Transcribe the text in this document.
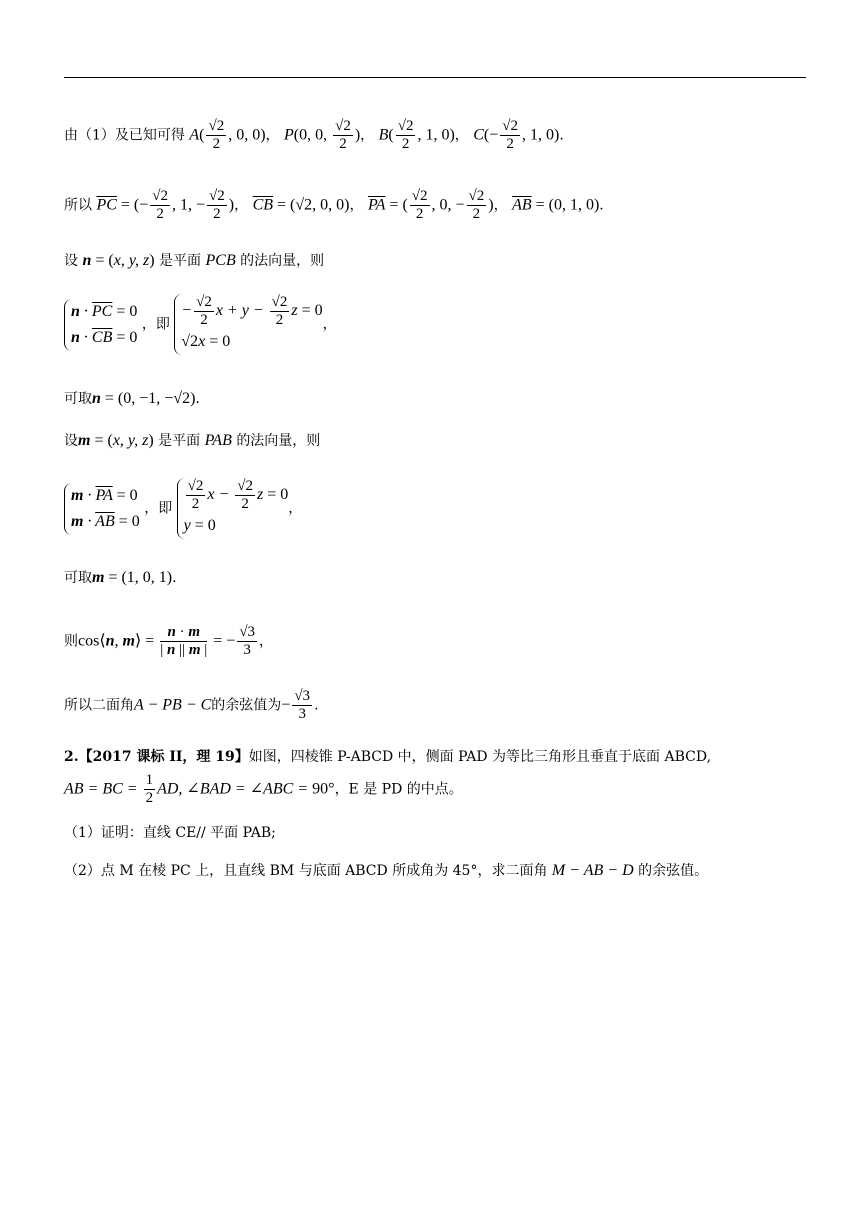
由（1）及已知可得 $A( \frac{√2}{2}$ , 0, 0)， P(0, 0, $\frac{√2}{2}$ )， $B( \frac{√2}{2}$ , 1, 0)， $C(- \frac{√2}{2}$ , 1, 0).
所以 $\overline{PC}$ = (− $\frac{√2}{2}$ , 1, − $\frac{√2}{2}$ )， $\overline{CB} = (√2$, 0, 0)， $\overline{PA}$ = ( $\frac{√2}{2}$ , 0, − $\frac{√2}{2}$ )， $\overline{AB} = (0$, 1, 0).
设 n = (x, y, z) 是平面 PCB 的法向量，则
$n \cdot \overline{PC} = 0$
$n \cdot \overline{CB} = 0$
，即
− $\frac{√2}{2}$ $x + y - \frac{√2}{2}$ z = 0
√2x = 0
，
可取n = (0, −1, −√2).
设m = (x, y, z) 是平面 PAB 的法向量，则
$m \cdot \overline{PA} = 0$
$m \cdot \overline{AB} = 0$
，即 $\frac{√2}{2}$ $x - \frac{√2}{2}$ z = 0
y = 0
，
可取m = (1, 0, 1).
则cos⟨n, m⟩ = $\frac{n \cdot m}{| n || m |}$ = − $\frac{√3}{3}$ ，
所以二面角A − PB − C的余弦值为− $\frac{√3}{3}$ .
2.【2017 课标 II，理 19】如图，四棱锥 P-ABCD 中，侧面 PAD 为等比三角形且垂直于底面 ABCD,
AB = BC = $\frac{1}{2}$ AD, ∠BAD = ∠ABC = 90°，E 是 PD 的中点。
（1）证明：直线 CE// 平面 PAB;
（2）点 M 在棱 PC 上，且直线 BM 与底面 ABCD 所成角为 45°，求二面角 M − AB − D 的余弦值。
